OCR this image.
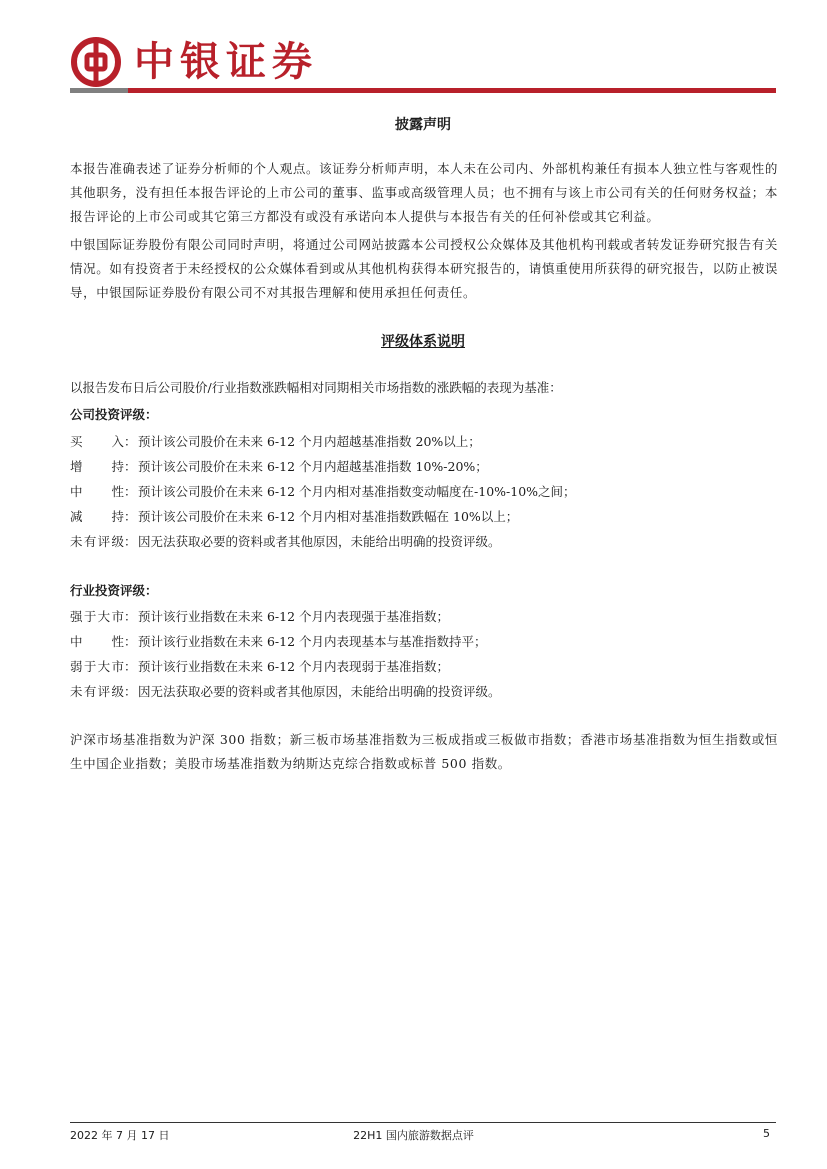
中银证券
披露声明

本报告准确表述了证券分析师的个人观点。该证券分析师声明，本人未在公司内、外部机构兼任有损本人独立性与客观性的其他职务，没有担任本报告评论的上市公司的董事、监事或高级管理人员；也不拥有与该上市公司有关的任何财务权益；本报告评论的上市公司或其它第三方都没有或没有承诺向本人提供与本报告有关的任何补偿或其它利益。

中银国际证券股份有限公司同时声明，将通过公司网站披露本公司授权公众媒体及其他机构刊载或者转发证券研究报告有关情况。如有投资者于未经授权的公众媒体看到或从其他机构获得本研究报告的，请慎重使用所获得的研究报告，以防止被误导，中银国际证券股份有限公司不对其报告理解和使用承担任何责任。

评级体系说明
以报告发布日后公司股价/行业指数涨跌幅相对同期相关市场指数的涨跌幅的表现为基准：
公司投资评级：
买入：预计该公司股价在未来 6-12 个月内超越基准指数 20%以上；
增持：预计该公司股价在未来 6-12 个月内超越基准指数 10%-20%；
中性：预计该公司股价在未来 6-12 个月内相对基准指数变动幅度在-10%-10%之间；
减持：预计该公司股价在未来 6-12 个月内相对基准指数跌幅在 10%以上；
未有评级：因无法获取必要的资料或者其他原因，未能给出明确的投资评级。
行业投资评级：
强于大市：预计该行业指数在未来 6-12 个月内表现强于基准指数；
中性：预计该行业指数在未来 6-12 个月内表现基本与基准指数持平；
弱于大市：预计该行业指数在未来 6-12 个月内表现弱于基准指数；
未有评级：因无法获取必要的资料或者其他原因，未能给出明确的投资评级。

沪深市场基准指数为沪深 300 指数；新三板市场基准指数为三板成指或三板做市指数；香港市场基准指数为恒生指数或恒生中国企业指数；美股市场基准指数为纳斯达克综合指数或标普 500 指数。

2022 年 7 月 17 日	22H1 国内旅游数据点评	5
